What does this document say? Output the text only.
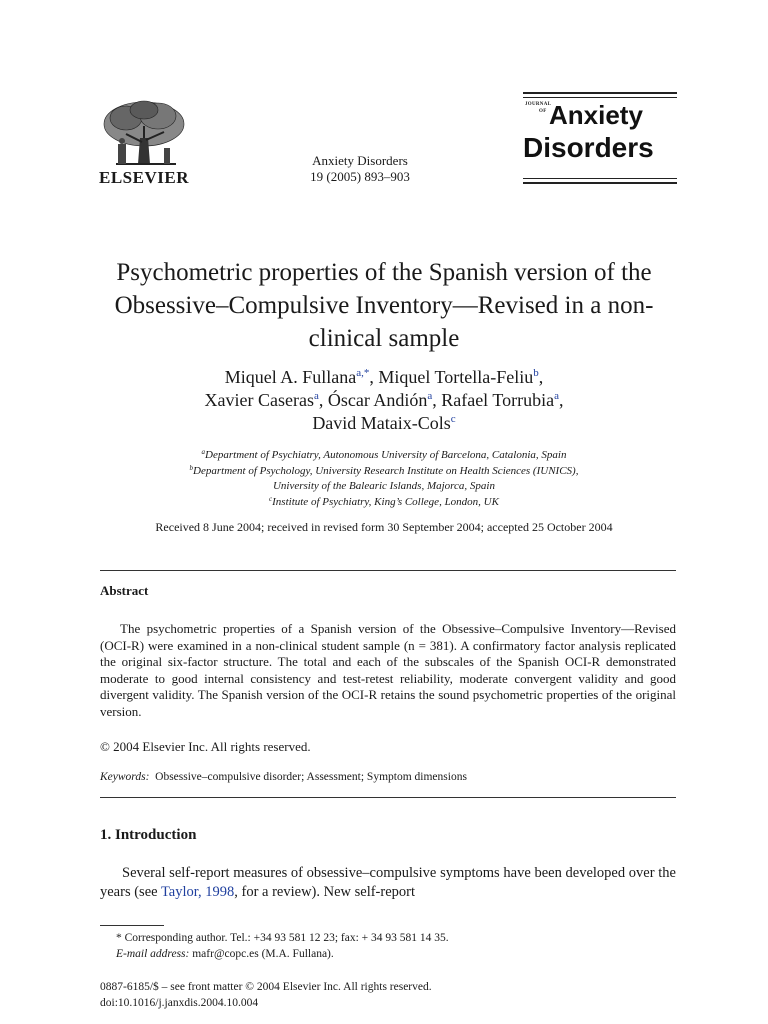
ELSEVIER
Anxiety Disorders
19 (2005) 893–903
JOURNAL
OF Anxiety
Disorders
Psychometric properties of the Spanish version of the Obsessive–Compulsive Inventory—Revised in a non-clinical sample
Miquel A. Fullana$^{a,*}$, Miquel Tortella-Feliu$^b$,
Xavier Caseras$^a$, Óscar Andión$^a$, Rafael Torrubia$^a$,
David Mataix-Cols$^c$
$^a$Department of Psychiatry, Autonomous University of Barcelona, Catalonia, Spain
$^b$Department of Psychology, University Research Institute on Health Sciences (IUNICS),
University of the Balearic Islands, Majorca, Spain
$^c$Institute of Psychiatry, King’s College, London, UK
Received 8 June 2004; received in revised form 30 September 2004; accepted 25 October 2004
Abstract
The psychometric properties of a Spanish version of the Obsessive–Compulsive Inventory—Revised (OCI-R) were examined in a non-clinical student sample (n = 381). A confirmatory factor analysis replicated the original six-factor structure. The total and each of the subscales of the Spanish OCI-R demonstrated moderate to good internal consistency and test-retest reliability, moderate convergent validity and good divergent validity. The Spanish version of the OCI-R retains the sound psychometric properties of the original version.
© 2004 Elsevier Inc. All rights reserved.
Keywords: Obsessive–compulsive disorder; Assessment; Symptom dimensions
1. Introduction
Several self-report measures of obsessive–compulsive symptoms have been developed over the years (see Taylor, 1998, for a review). New self-report
* Corresponding author. Tel.: +34 93 581 12 23; fax: + 34 93 581 14 35.
E-mail address: mafr@copc.es (M.A. Fullana).
0887-6185/$ – see front matter © 2004 Elsevier Inc. All rights reserved.
doi:10.1016/j.janxdis.2004.10.004
